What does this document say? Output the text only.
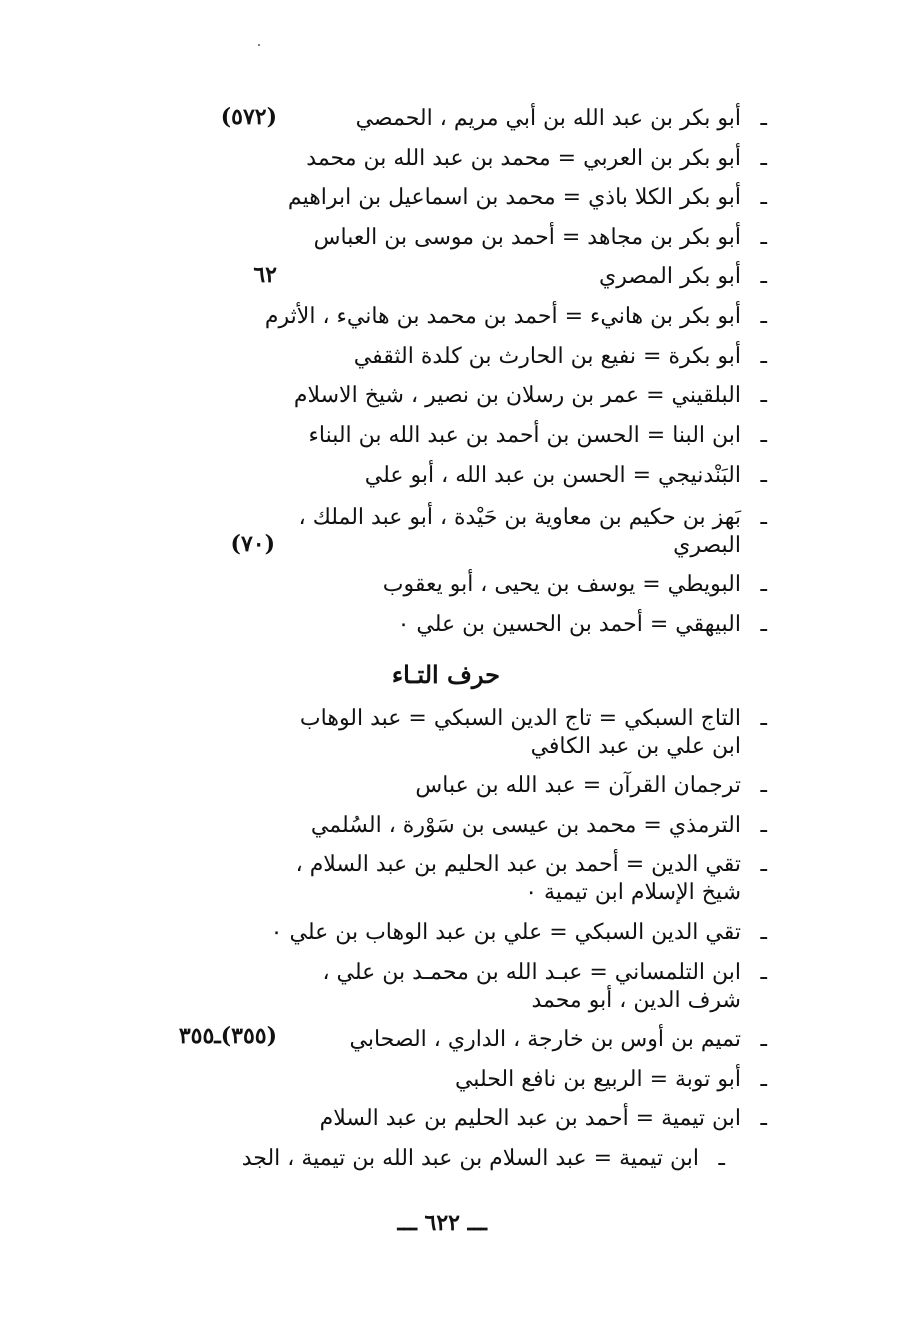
ـأبو بكر بن عبد الله بن أبي مريم ، الحمصي
(٥٧٢)
ـأبو بكر بن العربي = محمد بن عبد الله بن محمد
ـأبو بكر الكلا باذي = محمد بن اسماعيل بن ابراهيم
ـأبو بكر بن مجاهد = أحمد بن موسى بن العباس
ـأبو بكر المصري
٦٢
ـأبو بكر بن هانيء = أحمد بن محمد بن هانيء ، الأثرم
ـأبو بكرة = نفيع بن الحارث بن كلدة الثقفي
ـالبلقيني = عمر بن رسلان بن نصير ، شيخ الاسلام
ـابن البنا = الحسن بن أحمد بن عبد الله بن البناء
ـالبَنْدنيجي = الحسن بن عبد الله ، أبو علي
ـبَهز بن حكيم بن معاوية بن حَيْدة ، أبو عبد الملك ،
البصري
(٧٠)
ـالبويطي = يوسف بن يحيى ، أبو يعقوب
ـالبيهقي = أحمد بن الحسين بن علي ٠
حرف التـاء
ـالتاج السبكي = تاج الدين السبكي = عبد الوهاب
ابن علي بن عبد الكافي
ـترجمان القرآن = عبد الله بن عباس
ـالترمذي = محمد بن عيسى بن سَوْرة ، السُلمي
ـتقي الدين = أحمد بن عبد الحليم بن عبد السلام ،
شيخ الإسلام ابن تيمية ٠
ـتقي الدين السبكي = علي بن عبد الوهاب بن علي ٠
ـابن التلمساني = عبـد الله بن محمـد بن علي ،
شرف الدين ، أبو محمد
ـتميم بن أوس بن خارجة ، الداري ، الصحابي
(٣٥٥)ـ٣٥٥
ـأبو توبة = الربيع بن نافع الحلبي
ـابن تيمية = أحمد بن عبد الحليم بن عبد السلام
ـابن تيمية = عبد السلام بن عبد الله بن تيمية ، الجد
ـــ ٦٢٢ ـــ
